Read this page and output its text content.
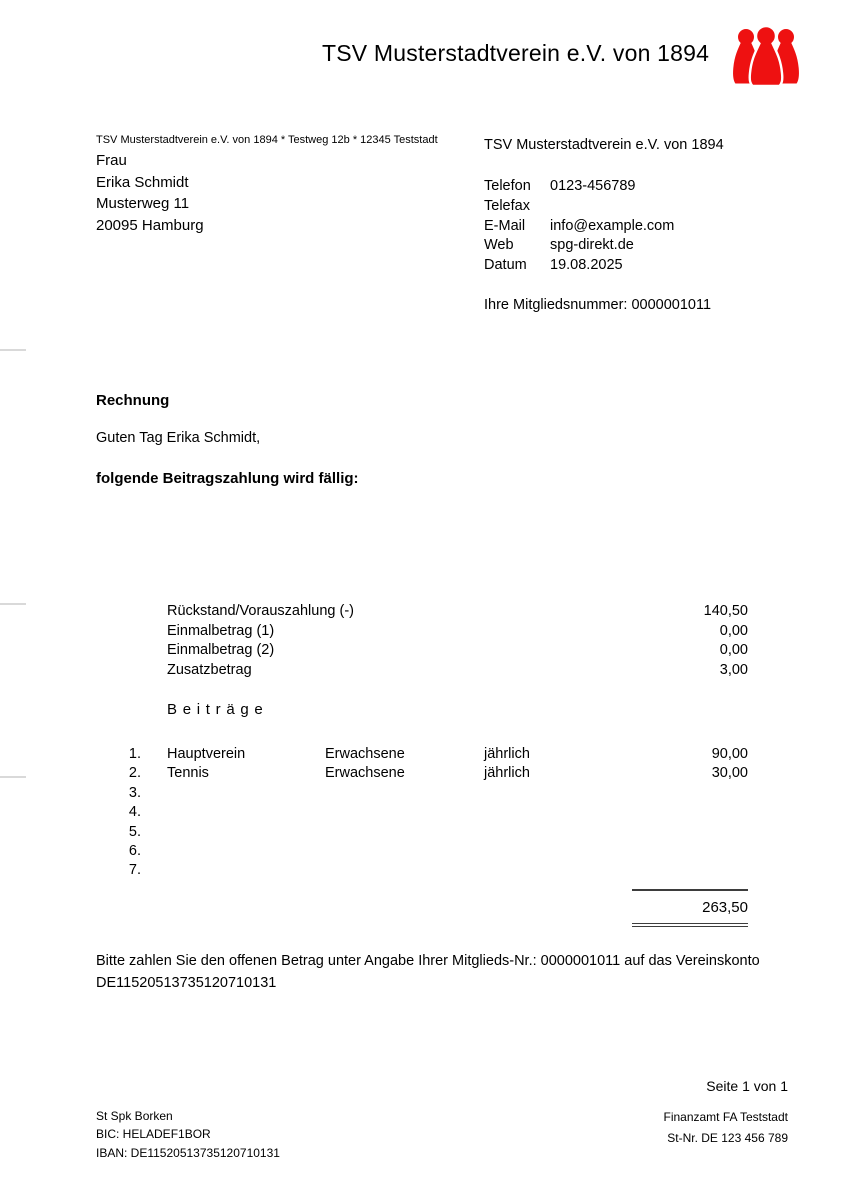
TSV Musterstadtverein e.V. von 1894
TSV Musterstadtverein e.V. von 1894 * Testweg 12b * 12345 Teststadt
Frau
Erika Schmidt
Musterweg 11
20095 Hamburg
TSV Musterstadtverein e.V. von 1894
Telefon	0123-456789
Telefax
E-Mail	info@example.com
Web	spg-direkt.de
Datum	19.08.2025
Ihre Mitgliedsnummer: 0000001011
Rechnung
Guten Tag Erika Schmidt,
folgende Beitragszahlung wird fällig:
Rückstand/Vorauszahlung (-)	140,50
Einmalbetrag (1)	0,00
Einmalbetrag (2)	0,00
Zusatzbetrag	3,00
Beiträge
1.	Hauptverein	Erwachsene	jährlich	90,00
2.	Tennis	Erwachsene	jährlich	30,00
3.
4.
5.
6.
7.
263,50
Bitte zahlen Sie den offenen Betrag unter Angabe Ihrer Mitglieds-Nr.: 0000001011 auf das Vereinskonto
DE11520513735120710131
Seite 1 von 1
St Spk Borken
BIC: HELADEF1BOR
IBAN: DE11520513735120710131
Finanzamt FA Teststadt
St-Nr. DE 123 456 789
